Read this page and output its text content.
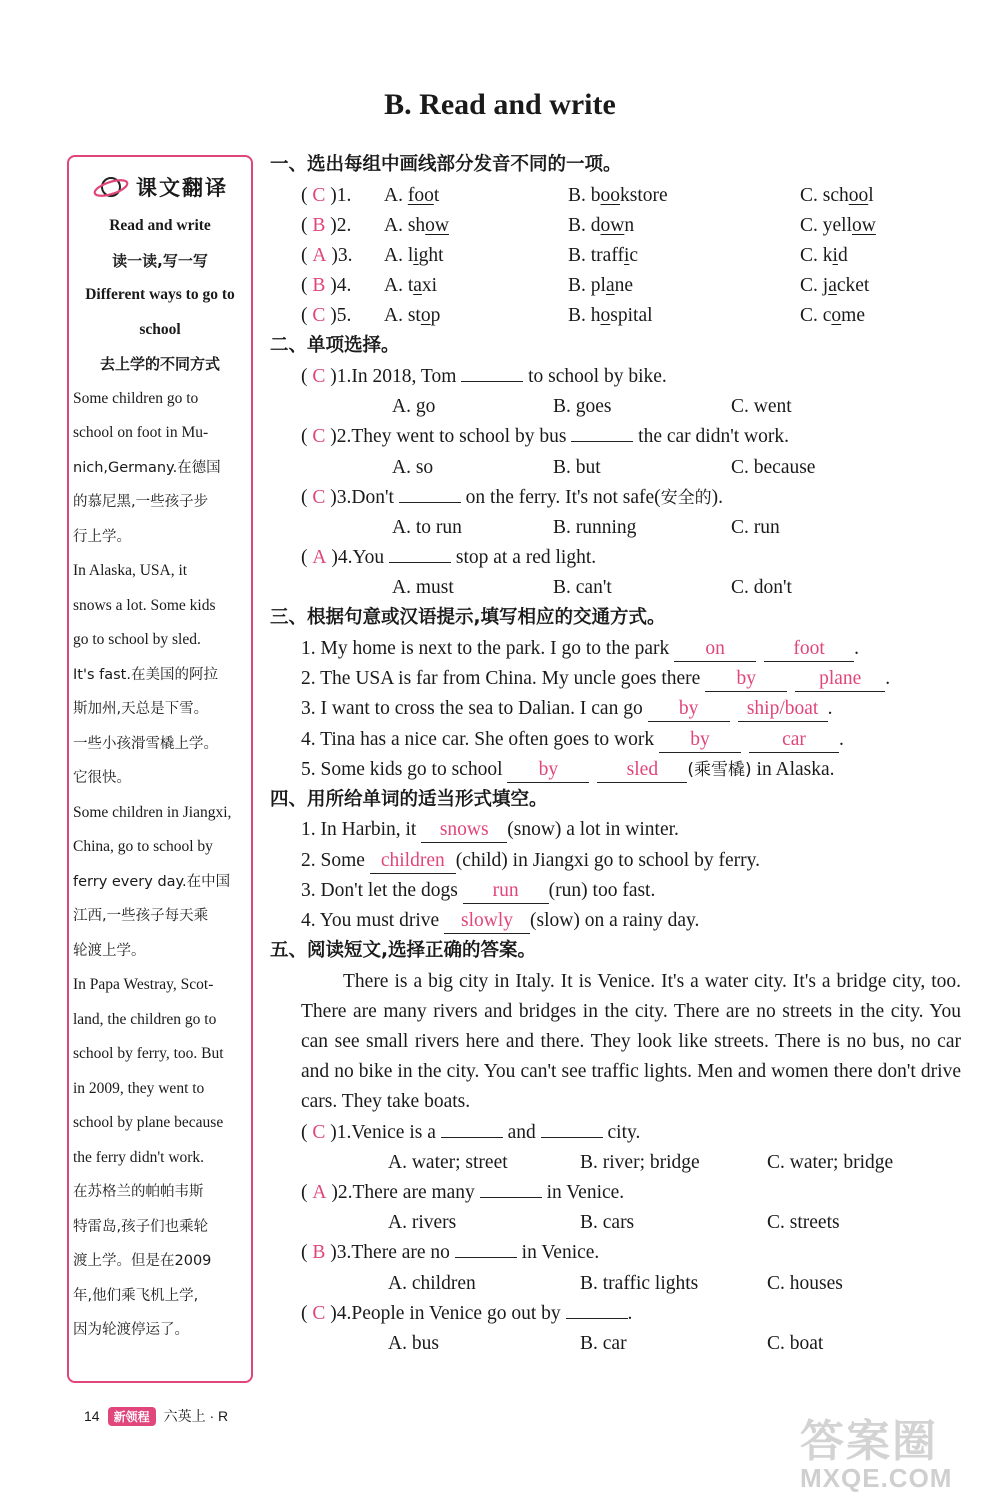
B. Read and write
课文翻译
Read and write
读一读,写一写
Different ways to go to
school
去上学的不同方式
Some children go to
school on foot in Mu-
nich,Germany.在德国
的慕尼黑,一些孩子步
行上学。
In Alaska, USA, it
snows a lot. Some kids
go to school by sled.
It's fast.在美国的阿拉
斯加州,天总是下雪。
一些小孩滑雪橇上学。
它很快。
Some children in Jiangxi,
China, go to school by
ferry every day.在中国
江西,一些孩子每天乘
轮渡上学。
In Papa Westray, Scot-
land, the children go to
school by ferry, too. But
in 2009, they went to
school by plane because
the ferry didn't work.
在苏格兰的帕帕韦斯
特雷岛,孩子们也乘轮
渡上学。但是在2009
年,他们乘飞机上学,
因为轮渡停运了。
一、选出每组中画线部分发音不同的一项。
( C )1. A. foot	B. bookstore	C. school
( B )2. A. show	B. down	C. yellow
( A )3. A. light	B. traffic	C. kid
( B )4. A. taxi	B. plane	C. jacket
( C )5. A. stop	B. hospital	C. come
二、单项选择。
( C )1.In 2018, Tom	to school by bike.
A. go	B. goes	C. went
( C )2.They went to school by bus	the car didn't work.
A. so	B. but	C. because
( C )3.Don't	on the ferry. It's not safe(安全的).
A. to run	B. running	C. run
( A )4.You	stop at a red light.
A. must	B. can't	C. don't
三、根据句意或汉语提示,填写相应的交通方式。
1. My home is next to the park. I go to the park on	foot .
2. The USA is far from China. My uncle goes there by	plane .
3. I want to cross the sea to Dalian. I can go by ship/boat .
4. Tina has a nice car. She often goes to work by	car .
5. Some kids go to school by	sled (乘雪橇) in Alaska.
四、用所给单词的适当形式填空。
1. In Harbin, it snows (snow) a lot in winter.
2. Some children (child) in Jiangxi go to school by ferry.
3. Don't let the dogs run (run) too fast.
4. You must drive slowly (slow) on a rainy day.
五、阅读短文,选择正确的答案。
There is a big city in Italy. It is Venice. It's a water city. It's a bridge city, too. There are many rivers and bridges in the city. There are no streets in the city. You can see small rivers here and there. They look like streets. There is no bus, no car and no bike in the city. You can't see traffic lights. Men and women there don't drive cars. They take boats.
( C )1.Venice is a	and	city.
A. water; street	B. river; bridge	C. water; bridge
( A )2.There are many	in Venice.
A. rivers	B. cars	C. streets
( B )3.There are no	in Venice.
A. children	B. traffic lights	C. houses
( C )4.People in Venice go out by	.
A. bus	B. car	C. boat
14	新领程	六英上 · R
答案圈
MXQE.COM
